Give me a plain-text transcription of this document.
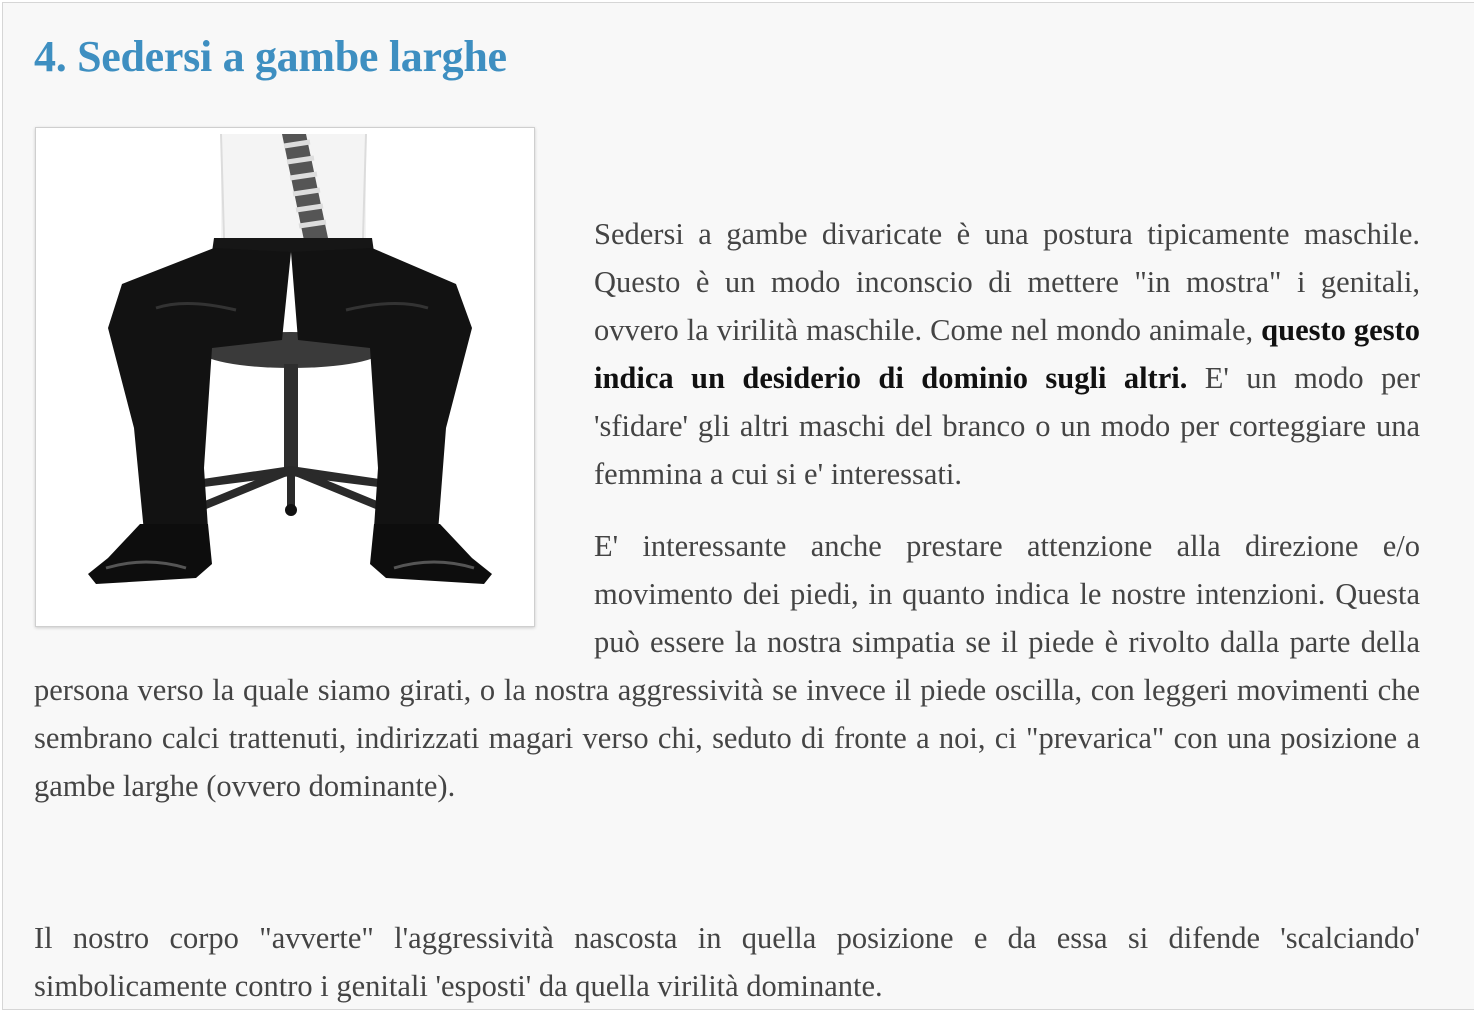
4. Sedersi a gambe larghe

Sedersi a gambe divaricate è una postura tipicamente maschile. Questo è un modo inconscio di mettere "in mostra" i genitali, ovvero la virilità maschile. Come nel mondo animale, questo gesto indica un desiderio di dominio sugli altri. E' un modo per 'sfidare' gli altri maschi del branco o un modo per corteggiare una femmina a cui si e' interessati.

E' interessante anche prestare attenzione alla direzione e/o movimento dei piedi, in quanto indica le nostre intenzioni. Questa può essere la nostra simpatia se il piede è rivolto dalla parte della persona verso la quale siamo girati, o la nostra aggressività se invece il piede oscilla, con leggeri movimenti che sembrano calci trattenuti, indirizzati magari verso chi, seduto di fronte a noi, ci "prevarica" con una posizione a gambe larghe (ovvero dominante).

Il nostro corpo "avverte" l'aggressività nascosta in quella posizione e da essa si difende 'scalciando' simbolicamente contro i genitali 'esposti' da quella virilità dominante.
